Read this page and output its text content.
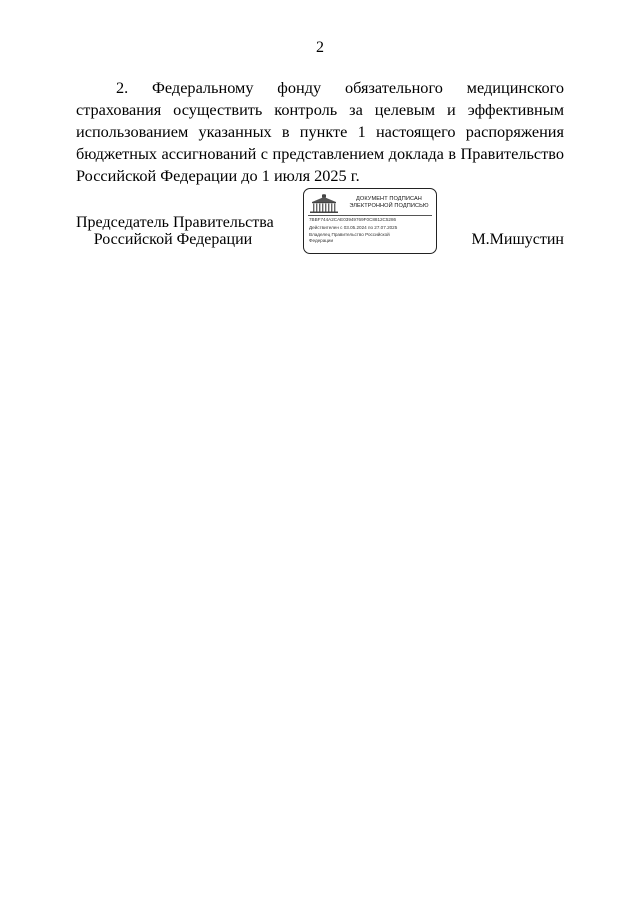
2

2. Федеральному фонду обязательного медицинского страхования осуществить контроль за целевым и эффективным использованием указанных в пункте 1 настоящего распоряжения бюджетных ассигнований с представлением доклада в Правительство Российской Федерации до 1 июля 2025 г.

Председатель Правительства
Российской Федерации
ДОКУМЕНТ ПОДПИСАН
ЭЛЕКТРОННОЙ ПОДПИСЬЮ
7BBF744A2CAE03949769F0C8812C5286
Действителен с 03.05.2024 по 27.07.2025
Владелец Правительство Российской
Федерации	М.Мишустин
